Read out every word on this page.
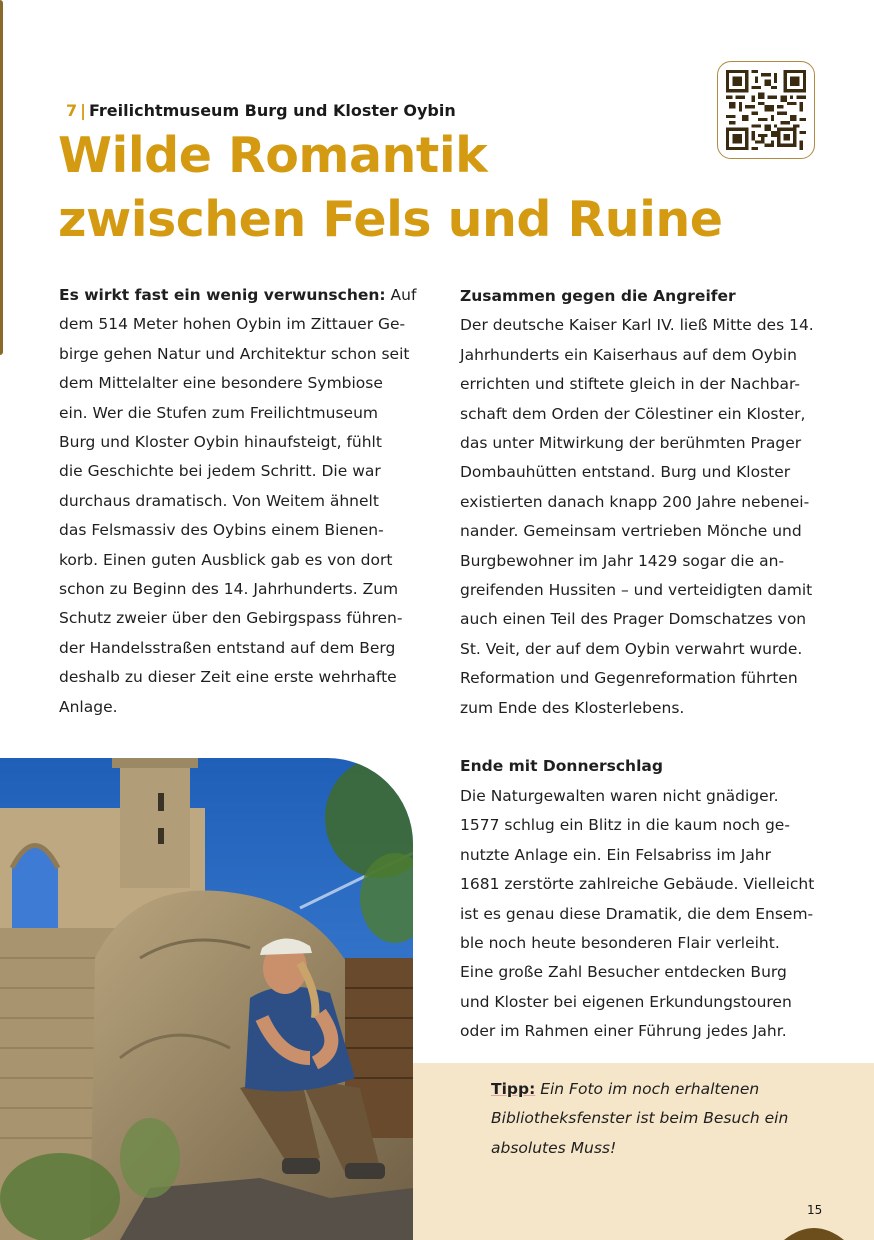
7 | Freilichtmuseum Burg und Kloster Oybin
Wilde Romantik
zwischen Fels und Ruine
Es wirkt fast ein wenig verwunschen: Auf
dem 514 Meter hohen Oybin im Zittauer Ge-
birge gehen Natur und Architektur schon seit
dem Mittelalter eine besondere Symbiose
ein. Wer die Stufen zum Freilichtmuseum
Burg und Kloster Oybin hinaufsteigt, fühlt
die Geschichte bei jedem Schritt. Die war
durchaus dramatisch. Von Weitem ähnelt
das Felsmassiv des Oybins einem Bienen-
korb. Einen guten Ausblick gab es von dort
schon zu Beginn des 14. Jahrhunderts. Zum
Schutz zweier über den Gebirgspass führen-
der Handelsstraßen entstand auf dem Berg
deshalb zu dieser Zeit eine erste wehrhafte
Anlage.
Zusammen gegen die Angreifer
Der deutsche Kaiser Karl IV. ließ Mitte des 14.
Jahrhunderts ein Kaiserhaus auf dem Oybin
errichten und stiftete gleich in der Nachbar-
schaft dem Orden der Cölestiner ein Kloster,
das unter Mitwirkung der berühmten Prager
Dombauhütten entstand. Burg und Kloster
existierten danach knapp 200 Jahre nebenei-
nander. Gemeinsam vertrieben Mönche und
Burgbewohner im Jahr 1429 sogar die an-
greifenden Hussiten – und verteidigten damit
auch einen Teil des Prager Domschatzes von
St. Veit, der auf dem Oybin verwahrt wurde.
Reformation und Gegenreformation führten
zum Ende des Klosterlebens.
Ende mit Donnerschlag
Die Naturgewalten waren nicht gnädiger.
1577 schlug ein Blitz in die kaum noch ge-
nutzte Anlage ein. Ein Felsabriss im Jahr
1681 zerstörte zahlreiche Gebäude. Vielleicht
ist es genau diese Dramatik, die dem Ensem-
ble noch heute besonderen Flair verleiht.
Eine große Zahl Besucher entdecken Burg
und Kloster bei eigenen Erkundungstouren
oder im Rahmen einer Führung jedes Jahr.
Tipp: Ein Foto im noch erhaltenen
Bibliotheksfenster ist beim Besuch ein
absolutes Muss!
15
